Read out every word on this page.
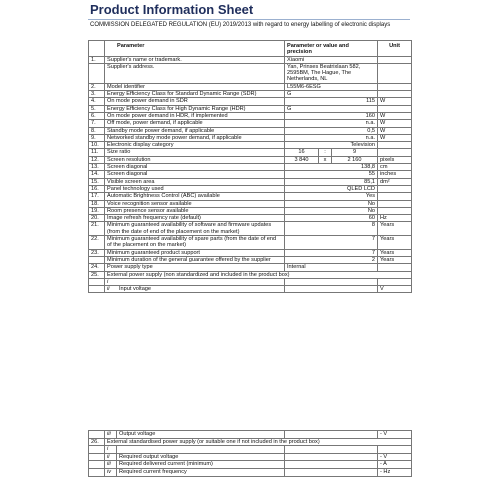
Product Information Sheet
COMMISSION DELEGATED REGULATION (EU) 2019/2013 with regard to energy labelling of electronic displays
	Parameter	Parameter or value and precision			Unit
1.	Supplier's name or trademark.	Xiaomi			
	Supplier's address.	Yan, Prinses Beatrixlaan 582, 2595BM, The Hague, The Netherlands, NL			
2.	Model identifier	L55M6-6ESG			
3.	Energy Efficiency Class for Standard Dynamic Range (SDR)	G			
4.	On mode power demand in SDR	115			W
5.	Energy Efficiency Class for High Dynamic Range (HDR)	G			
6.	On mode power demand in HDR, if implemented	160			W
7.	Off mode, power demand, if applicable	n.a.			W
8.	Standby mode power demand, if applicable	0,5			W
9.	Networked standby mode power demand, if applicable	n.a.			W
10.	Electronic display category	Television			
11.	Size ratio	16	:	9	
12.	Screen resolution	3 840	x	2 160	pixels
13.	Screen diagonal	138,8			cm
14.	Screen diagonal	55			inches
15.	Visible screen area	85,1			dm²
16.	Panel technology used	QLED LCD			
17.	Automatic Brightness Control (ABC) available	Yes			
18.	Voice recognition sensor available	No			
19.	Room presence sensor available	No			
20.	Image refresh frequency rate (default)	60			Hz
21.	Minimum guaranteed availability of software and firmware updates (from the date of end of the placement on the market)	8			Years
22.	Minimum guaranteed availability of spare parts (from the date of end of the placement on the market)	7			Years
23.	Minimum guaranteed product support	7			Years
	Minimum duration of the general guarantee offered by the supplier	2			Years
24.	Power supply type	Internal			
25.	External power supply (non standardized and included in the product box)				
	i				
	ii Input voltage				V
	iii	Output voltage		- V
26.	External standardised power supply (or suitable one if not included in the product box)			
	i			
	ii	Required output voltage		- V
	iii	Required delivered current (minimum)		- A
	iv	Required current frequency		- Hz
